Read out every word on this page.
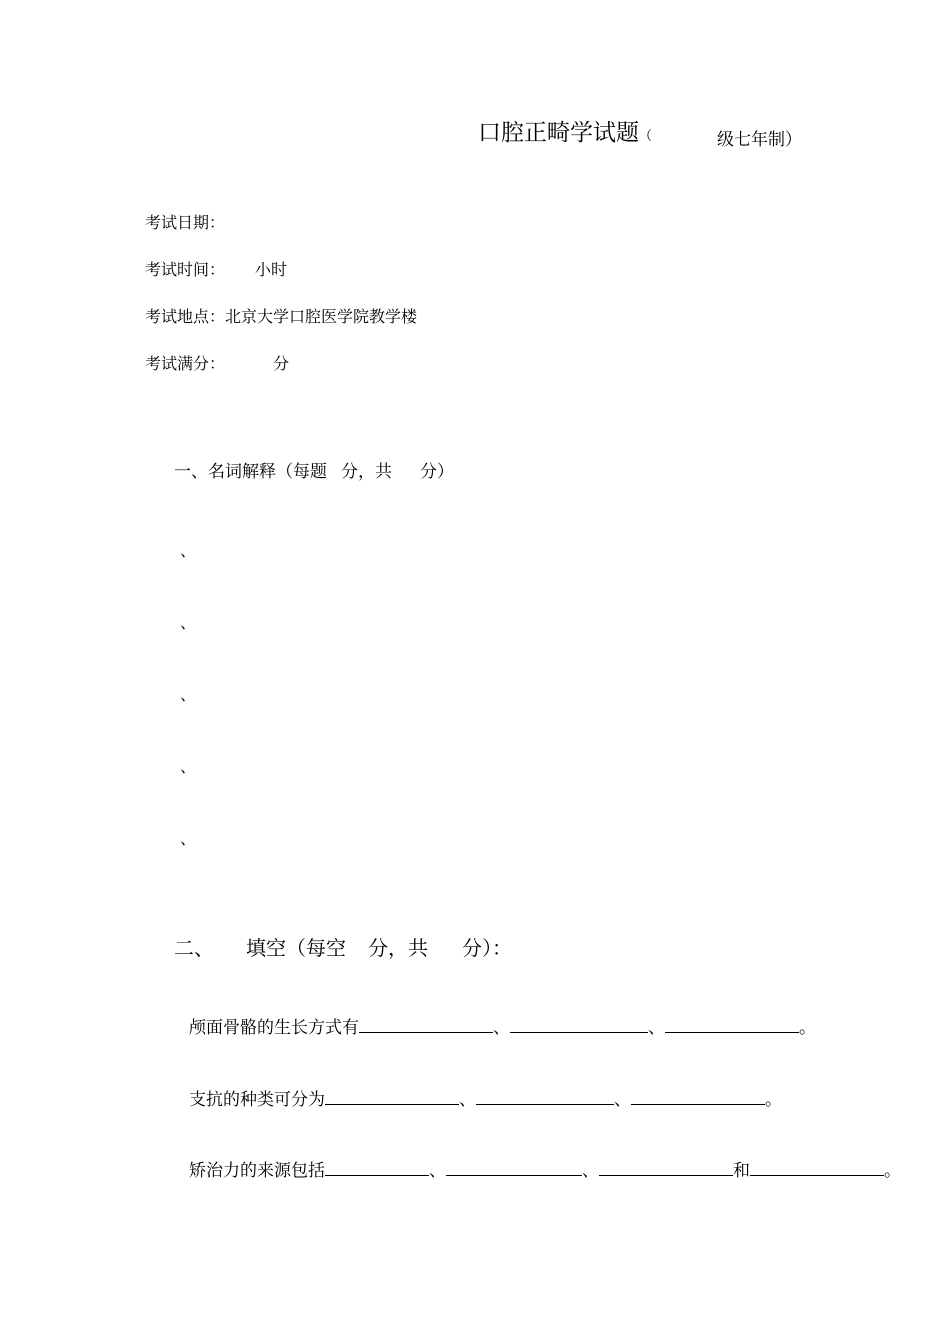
口腔正畸学试题（	级七年制）
考试日期：
考试时间： 小时
考试地点：北京大学口腔医学院教学楼
考试满分：	分
一、名词解释（每题 分，共 分）
、
、
、
、
、
二、 填空（每空 分，共 分）：
颅面骨骼的生长方式有	、	、	。
支抗的种类可分为	、	、	。
矫治力的来源包括	、	、	和	。
